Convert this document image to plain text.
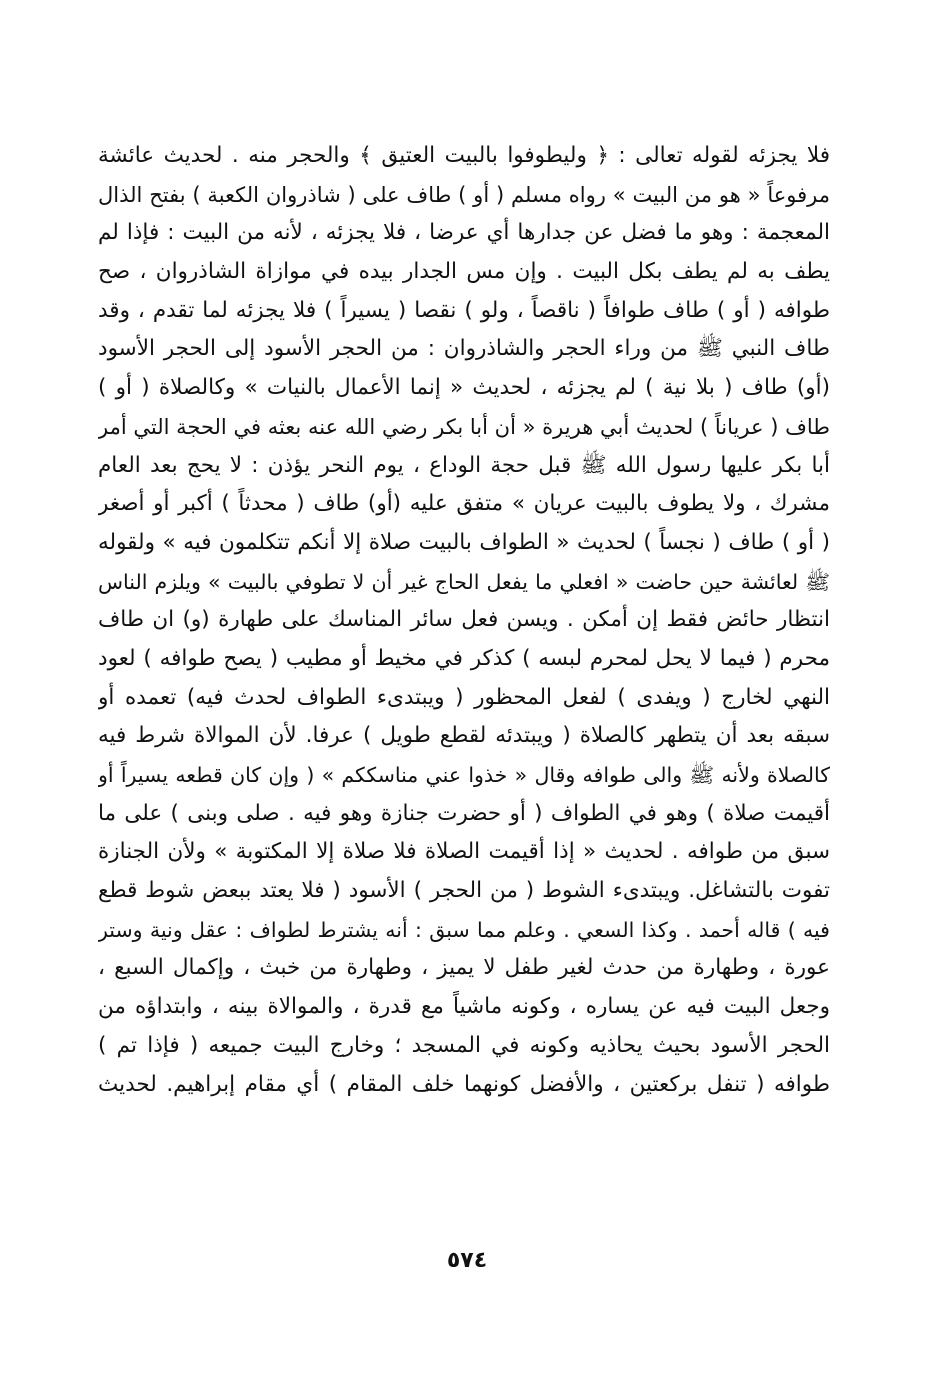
فلا يجزئه لقوله تعالى : ﴿ وليطوفوا بالبيت العتيق ﴾ والحجر منه . لحديث عائشة
مرفوعاً « هو من البيت » رواه مسلم ( أو ) طاف على ( شاذروان الكعبة ) بفتح الذال
المعجمة : وهو ما فضل عن جدارها أي عرضا ، فلا يجزئه ، لأنه من البيت : فإذا لم
يطف به لم يطف بكل البيت . وإن مس الجدار بيده في موازاة الشاذروان ، صح
طوافه ( أو ) طاف طوافاً ( ناقصاً ، ولو ) نقصا ( يسيراً ) فلا يجزئه لما تقدم ، وقد
طاف النبي ﷺ من وراء الحجر والشاذروان : من الحجر الأسود إلى الحجر الأسود
(أو) طاف ( بلا نية ) لم يجزئه ، لحديث « إنما الأعمال بالنيات » وكالصلاة ( أو )
طاف ( عرياناً ) لحديث أبي هريرة « أن أبا بكر رضي الله عنه بعثه في الحجة التي أمر
أبا بكر عليها رسول الله ﷺ قبل حجة الوداع ، يوم النحر يؤذن : لا يحج بعد العام
مشرك ، ولا يطوف بالبيت عريان » متفق عليه (أو) طاف ( محدثاً ) أكبر أو أصغر
( أو ) طاف ( نجساً ) لحديث « الطواف بالبيت صلاة إلا أنكم تتكلمون فيه » ولقوله
ﷺ لعائشة حين حاضت « افعلي ما يفعل الحاج غير أن لا تطوفي بالبيت » ويلزم الناس
انتظار حائض فقط إن أمكن . ويسن فعل سائر المناسك على طهارة (و) ان طاف
محرم ( فيما لا يحل لمحرم لبسه ) كذكر في مخيط أو مطيب ( يصح طوافه ) لعود
النهي لخارج ( ويفدى ) لفعل المحظور ( ويبتدىء الطواف لحدث فيه) تعمده أو
سبقه بعد أن يتطهر كالصلاة ( ويبتدئه لقطع طويل ) عرفا. لأن الموالاة شرط فيه
كالصلاة ولأنه ﷺ والى طوافه وقال « خذوا عني مناسككم » ( وإن كان قطعه يسيراً أو
أقيمت صلاة ) وهو في الطواف ( أو حضرت جنازة وهو فيه . صلى وبنى ) على ما
سبق من طوافه . لحديث « إذا أقيمت الصلاة فلا صلاة إلا المكتوبة » ولأن الجنازة
تفوت بالتشاغل. ويبتدىء الشوط ( من الحجر ) الأسود ( فلا يعتد ببعض شوط قطع
فيه ) قاله أحمد . وكذا السعي . وعلم مما سبق : أنه يشترط لطواف : عقل ونية وستر
عورة ، وطهارة من حدث لغير طفل لا يميز ، وطهارة من خبث ، وإكمال السبع ،
وجعل البيت فيه عن يساره ، وكونه ماشياً مع قدرة ، والموالاة بينه ، وابتداؤه من
الحجر الأسود بحيث يحاذيه وكونه في المسجد ؛ وخارج البيت جميعه ( فإذا تم )
طوافه ( تنفل بركعتين ، والأفضل كونهما خلف المقام ) أي مقام إبراهيم. لحديث
٥٧٤
